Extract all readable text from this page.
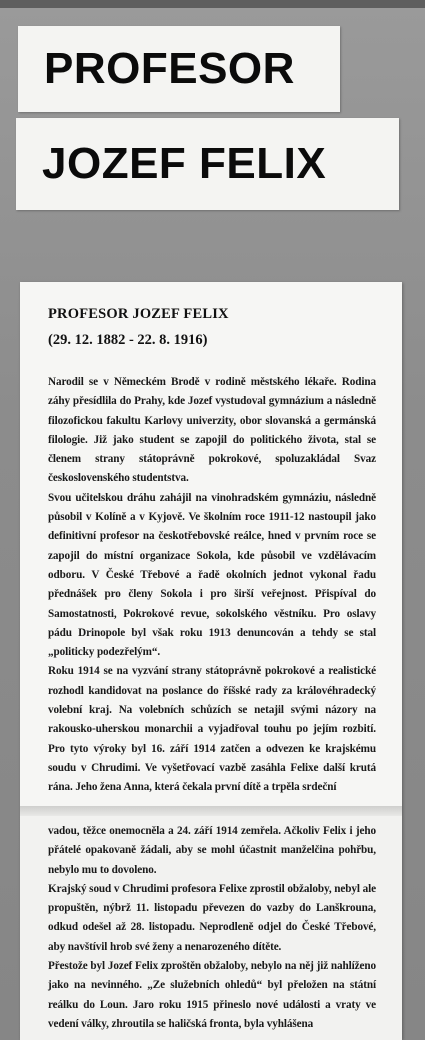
PROFESOR
JOZEF FELIX
PROFESOR JOZEF FELIX
(29. 12. 1882 - 22. 8. 1916)

Narodil se v Německém Brodě v rodině městského lékaře. Rodina záhy přesídlila do Prahy, kde Jozef vystudoval gymnázium a následně filozofickou fakultu Karlovy univerzity, obor slovanská a germánská filologie. Již jako student se zapojil do politického života, stal se členem strany státoprávně pokrokové, spoluzakládal Svaz československého studentstva.

Svou učitelskou dráhu zahájil na vinohradském gymnáziu, následně působil v Kolíně a v Kyjově. Ve školním roce 1911-12 nastoupil jako definitivní profesor na českotřebovské reálce, hned v prvním roce se zapojil do místní organizace Sokola, kde působil ve vzdělávacím odboru. V České Třebové a řadě okolních jednot vykonal řadu přednášek pro členy Sokola i pro širší veřejnost. Přispíval do Samostatnosti, Pokrokové revue, sokolského věstníku. Pro oslavy pádu Drinopole byl však roku 1913 denuncován a tehdy se stal „politicky podezřelým“.

Roku 1914 se na vyzvání strany státoprávně pokrokové a realistické rozhodl kandidovat na poslance do říšské rady za královéhradecký volební kraj. Na volebních schůzích se netajil svými názory na rakousko-uherskou monarchii a vyjadřoval touhu po jejím rozbití. Pro tyto výroky byl 16. září 1914 zatčen a odvezen ke krajskému soudu v Chrudimi. Ve vyšetřovací vazbě zasáhla Felixe další krutá rána. Jeho žena Anna, která čekala první dítě a trpěla srdeční

vadou, těžce onemocněla a 24. září 1914 zemřela. Ačkoliv Felix i jeho přátelé opakovaně žádali, aby se mohl účastnit manželčina pohřbu, nebylo mu to dovoleno.

Krajský soud v Chrudimi profesora Felixe zprostil obžaloby, nebyl ale propuštěn, nýbrž 11. listopadu převezen do vazby do Lanškrouna, odkud odešel až 28. listopadu. Neprodleně odjel do České Třebové, aby navštívil hrob své ženy a nenarozeného dítěte.

Přestože byl Jozef Felix zproštěn obžaloby, nebylo na něj již nahlíženo jako na nevinného. „Ze služebních ohledů“ byl přeložen na státní reálku do Loun. Jaro roku 1915 přineslo nové události a vraty ve vedení války, zhroutila se haličská fronta, byla vyhlášena
